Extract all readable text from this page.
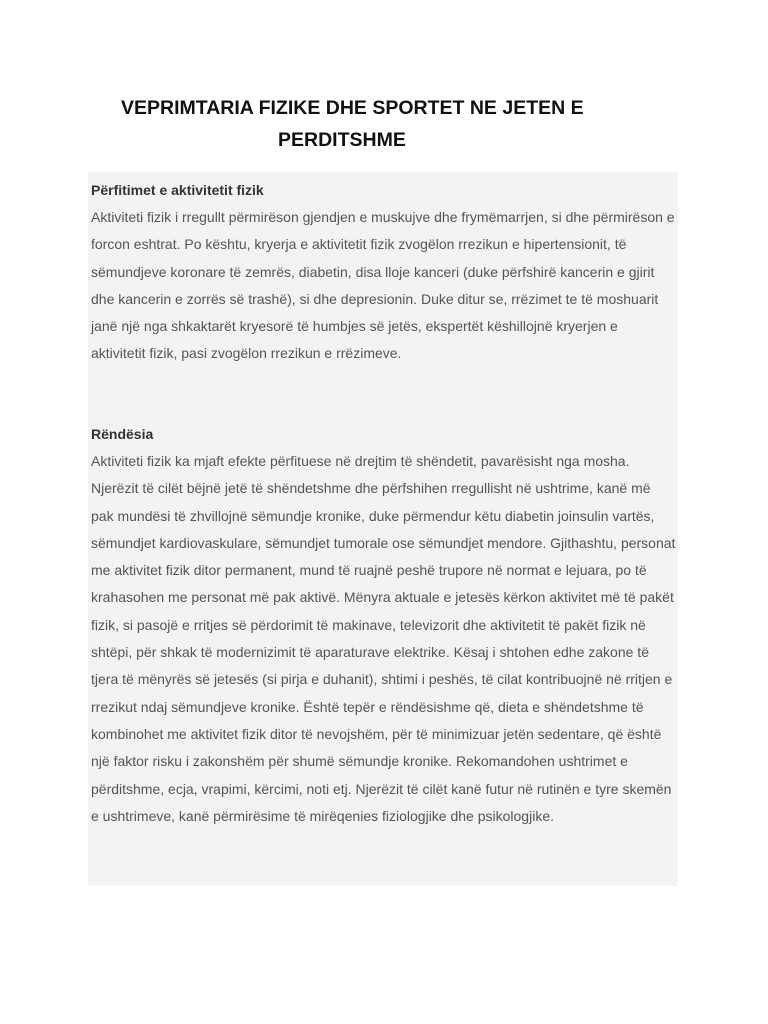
VEPRIMTARIA FIZIKE DHE SPORTET NE JETEN E
PERDITSHME
Përfitimet e aktivitetit fizik

Aktiviteti fizik i rregullt përmirëson gjendjen e muskujve dhe frymëmarrjen, si dhe përmirëson e forcon eshtrat. Po kështu, kryerja e aktivitetit fizik zvogëlon rrezikun e hipertensionit, të sëmundjeve koronare të zemrës, diabetin, disa lloje kanceri (duke përfshirë kancerin e gjirit dhe kancerin e zorrës së trashë), si dhe depresionin. Duke ditur se, rrëzimet te të moshuarit janë një nga shkaktarët kryesorë të humbjes së jetës, ekspertët këshillojnë kryerjen e aktivitetit fizik, pasi zvogëlon rrezikun e rrëzimeve.

Rëndësia

Aktiviteti fizik ka mjaft efekte përfituese në drejtim të shëndetit, pavarësisht nga mosha. Njerëzit të cilët bëjnë jetë të shëndetshme dhe përfshihen rregullisht në ushtrime, kanë më pak mundësi të zhvillojnë sëmundje kronike, duke përmendur këtu diabetin joinsulin vartës, sëmundjet kardiovaskulare, sëmundjet tumorale ose sëmundjet mendore. Gjithashtu, personat me aktivitet fizik ditor permanent, mund të ruajnë peshë trupore në normat e lejuara, po të krahasohen me personat më pak aktivë. Mënyra aktuale e jetesës kërkon aktivitet më të pakët fizik, si pasojë e rritjes së përdorimit të makinave, televizorit dhe aktivitetit të pakët fizik në shtëpi, për shkak të modernizimit të aparaturave elektrike. Kësaj i shtohen edhe zakone të tjera të mënyrës së jetesës (si pirja e duhanit), shtimi i peshës, të cilat kontribuojnë në rritjen e rrezikut ndaj sëmundjeve kronike. Është tepër e rëndësishme që, dieta e shëndetshme të kombinohet me aktivitet fizik ditor të nevojshëm, për të minimizuar jetën sedentare, që është një faktor risku i zakonshëm për shumë sëmundje kronike. Rekomandohen ushtrimet e përditshme, ecja, vrapimi, kërcimi, noti etj. Njerëzit të cilët kanë futur në rutinën e tyre skemën e ushtrimeve, kanë përmirësime të mirëqenies fiziologjike dhe psikologjike.
